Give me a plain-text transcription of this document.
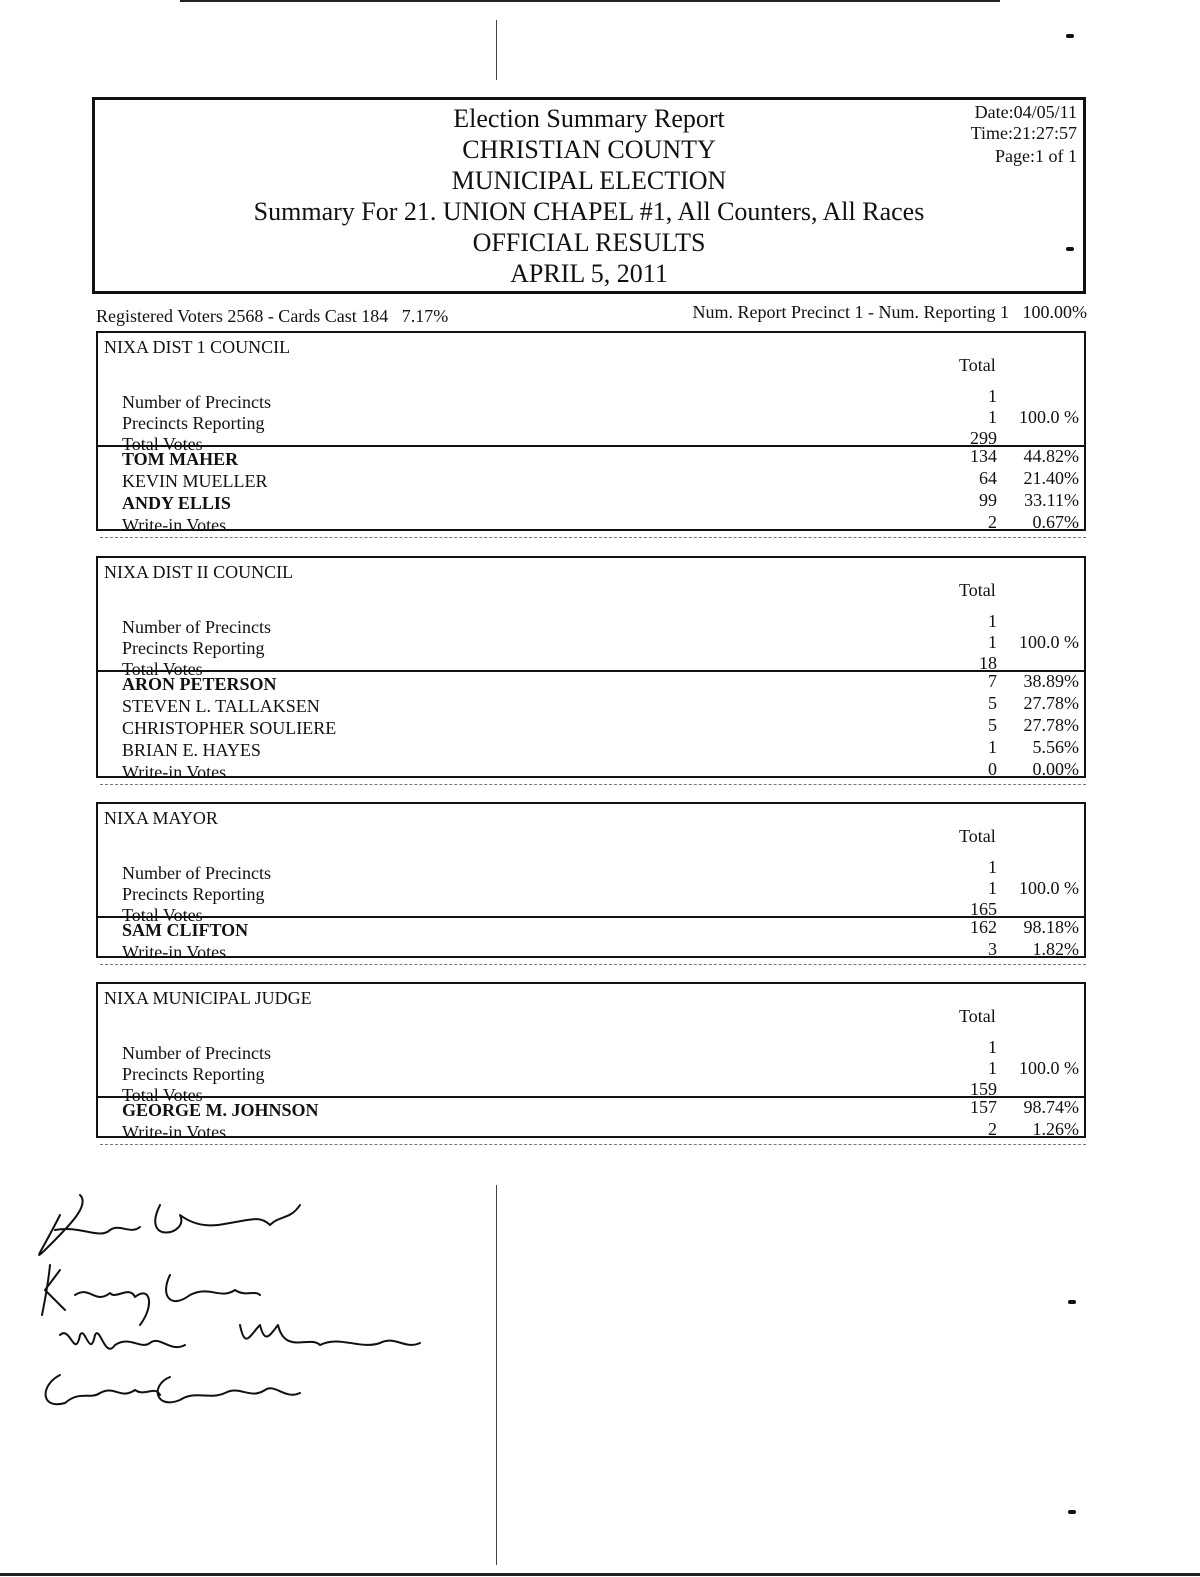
Election Summary Report
CHRISTIAN COUNTY
MUNICIPAL ELECTION
Summary For 21. UNION CHAPEL #1, All Counters, All Races
OFFICIAL RESULTS
APRIL 5, 2011
Date:04/05/11
Time:21:27:57
Page:1 of 1
Registered Voters 2568 - Cards Cast 184   7.17%	Num. Report Precinct 1 - Num. Reporting 1   100.00%
NIXA DIST 1 COUNCIL
Total
Number of Precincts	1
Precincts Reporting	1 100.0 %
Total Votes	299
TOM MAHER	134 44.82%
KEVIN MUELLER	64 21.40%
ANDY ELLIS	99 33.11%
Write-in Votes	2 0.67%
NIXA DIST II COUNCIL
Total
Number of Precincts	1
Precincts Reporting	1 100.0 %
Total Votes	18
ARON PETERSON	7 38.89%
STEVEN L. TALLAKSEN	5 27.78%
CHRISTOPHER SOULIERE	5 27.78%
BRIAN E. HAYES	1 5.56%
Write-in Votes	0 0.00%
NIXA MAYOR
Total
Number of Precincts	1
Precincts Reporting	1 100.0 %
Total Votes	165
SAM CLIFTON	162 98.18%
Write-in Votes	3 1.82%
NIXA MUNICIPAL JUDGE
Total
Number of Precincts	1
Precincts Reporting	1 100.0 %
Total Votes	159
GEORGE M. JOHNSON	157 98.74%
Write-in Votes	2 1.26%
